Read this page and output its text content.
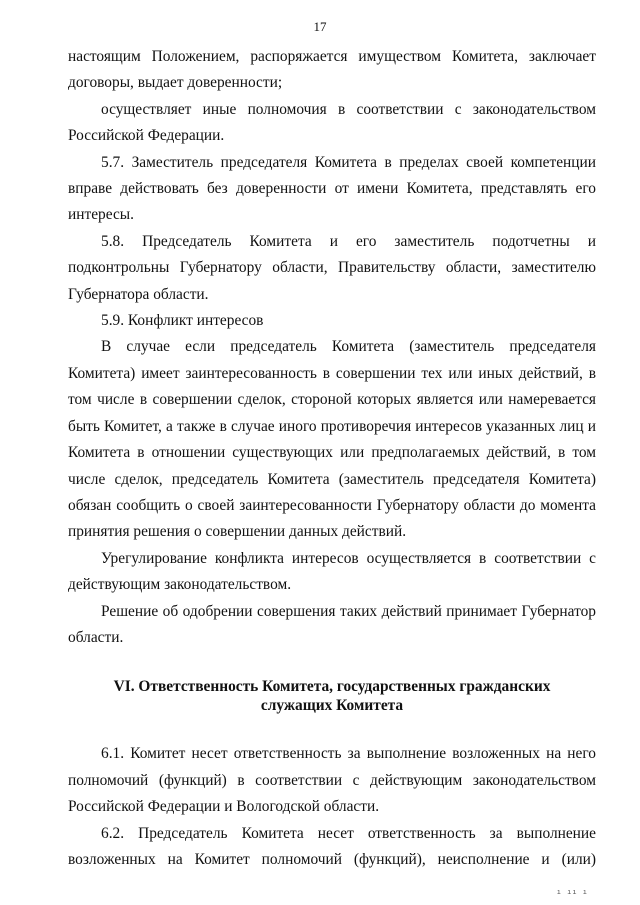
17

настоящим Положением, распоряжается имуществом Комитета, заключает договоры, выдает доверенности;

осуществляет иные полномочия в соответствии с законодательством Российской Федерации.

5.7. Заместитель председателя Комитета в пределах своей компетенции вправе действовать без доверенности от имени Комитета, представлять его интересы.

5.8. Председатель Комитета и его заместитель подотчетны и подконтрольны Губернатору области, Правительству области, заместителю Губернатора области.

5.9. Конфликт интересов

В случае если председатель Комитета (заместитель председателя Комитета) имеет заинтересованность в совершении тех или иных действий, в том числе в совершении сделок, стороной которых является или намеревается быть Комитет, а также в случае иного противоречия интересов указанных лиц и Комитета в отношении существующих или предполагаемых действий, в том числе сделок, председатель Комитета (заместитель председателя Комитета) обязан сообщить о своей заинтересованности Губернатору области до момента принятия решения о совершении данных действий.

Урегулирование конфликта интересов осуществляется в соответствии с действующим законодательством.

Решение об одобрении совершения таких действий принимает Губернатор области.

VI. Ответственность Комитета, государственных гражданских служащих Комитета

6.1. Комитет несет ответственность за выполнение возложенных на него полномочий (функций) в соответствии с действующим законодательством Российской Федерации и Вологодской области.

6.2. Председатель Комитета несет ответственность за выполнение возложенных на Комитет полномочий (функций), неисполнение и (или)

ı ıı ı
